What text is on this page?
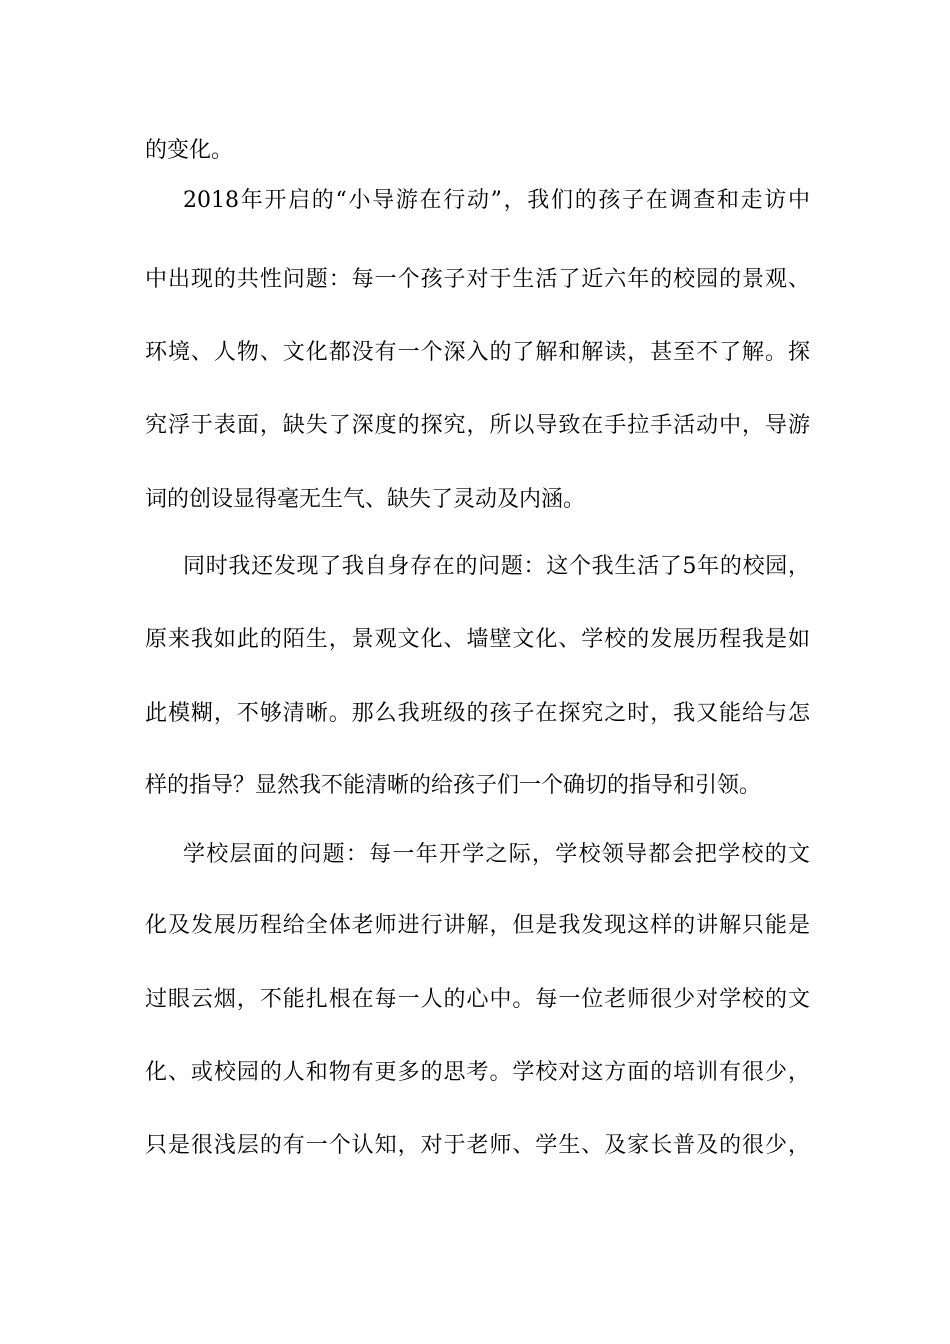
的变化。
2018年开启的“小导游在行动”，我们的孩子在调查和走访中
中出现的共性问题：每一个孩子对于生活了近六年的校园的景观、
环境、人物、文化都没有一个深入的了解和解读，甚至不了解。探
究浮于表面，缺失了深度的探究，所以导致在手拉手活动中，导游
词的创设显得毫无生气、缺失了灵动及内涵。
同时我还发现了我自身存在的问题：这个我生活了5年的校园，
原来我如此的陌生，景观文化、墙壁文化、学校的发展历程我是如
此模糊，不够清晰。那么我班级的孩子在探究之时，我又能给与怎
样的指导？显然我不能清晰的给孩子们一个确切的指导和引领。
学校层面的问题：每一年开学之际，学校领导都会把学校的文
化及发展历程给全体老师进行讲解，但是我发现这样的讲解只能是
过眼云烟，不能扎根在每一人的心中。每一位老师很少对学校的文
化、或校园的人和物有更多的思考。学校对这方面的培训有很少，
只是很浅层的有一个认知，对于老师、学生、及家长普及的很少，
